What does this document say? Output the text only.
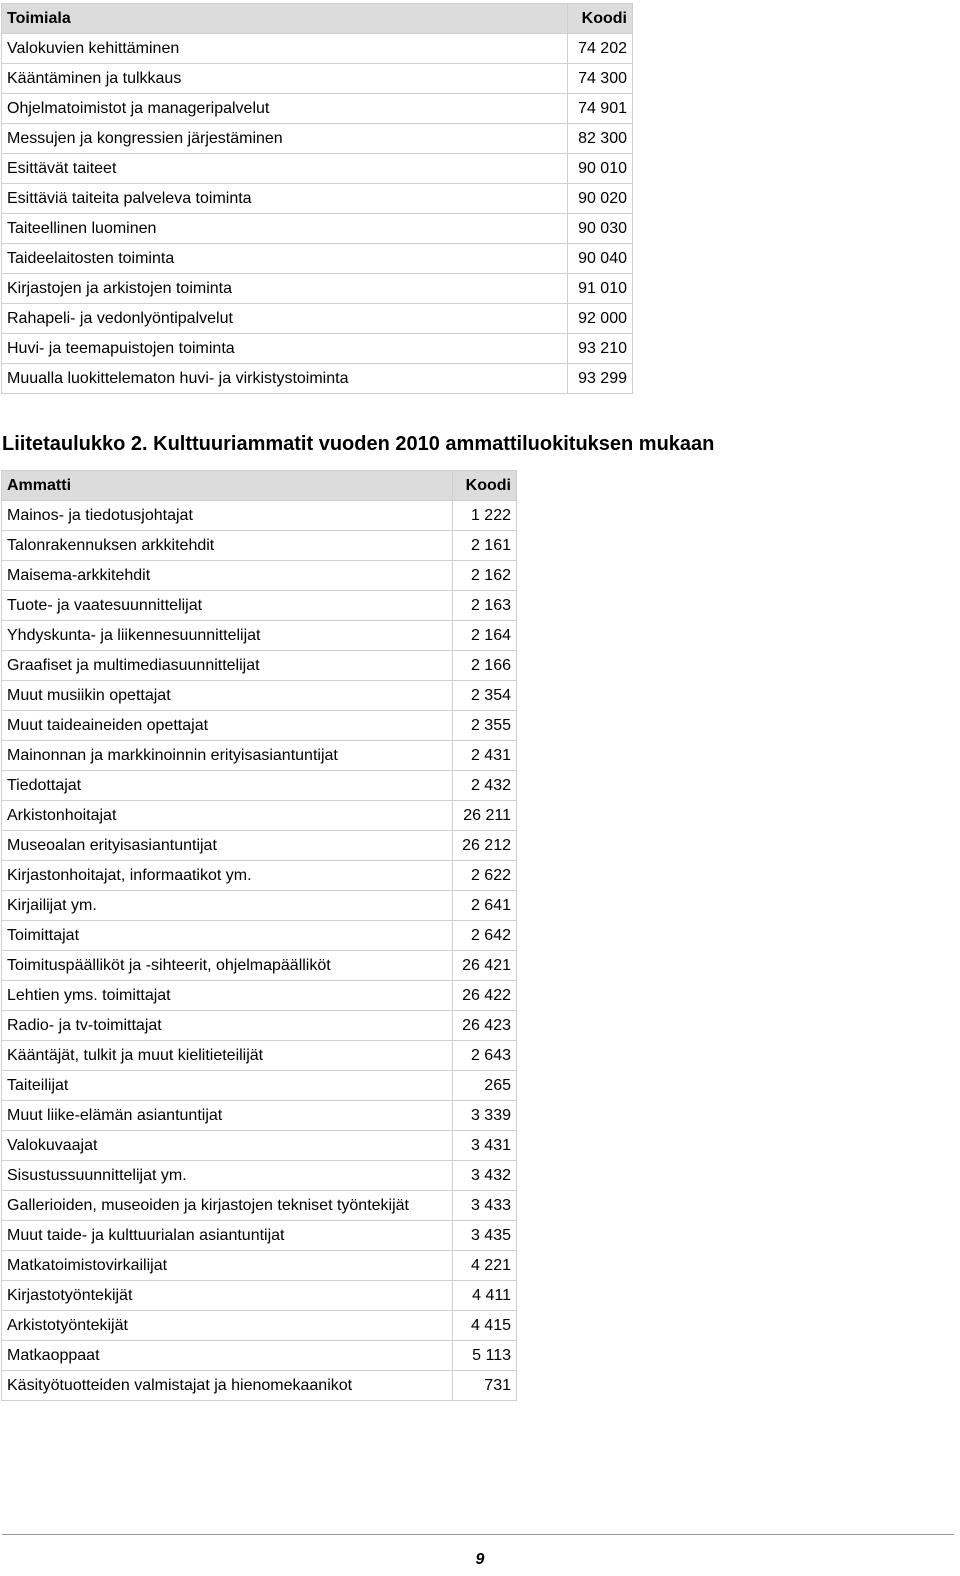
Toimiala	Koodi
Valokuvien kehittäminen	74 202
Kääntäminen ja tulkkaus	74 300
Ohjelmatoimistot ja manageripalvelut	74 901
Messujen ja kongressien järjestäminen	82 300
Esittävät taiteet	90 010
Esittäviä taiteita palveleva toiminta	90 020
Taiteellinen luominen	90 030
Taideelaitosten toiminta	90 040
Kirjastojen ja arkistojen toiminta	91 010
Rahapeli- ja vedonlyöntipalvelut	92 000
Huvi- ja teemapuistojen toiminta	93 210
Muualla luokittelematon huvi- ja virkistystoiminta	93 299
Liitetaulukko 2. Kulttuuriammatit vuoden 2010 ammattiluokituksen mukaan
Ammatti	Koodi
Mainos- ja tiedotusjohtajat	1 222
Talonrakennuksen arkkitehdit	2 161
Maisema-arkkitehdit	2 162
Tuote- ja vaatesuunnittelijat	2 163
Yhdyskunta- ja liikennesuunnittelijat	2 164
Graafiset ja multimediasuunnittelijat	2 166
Muut musiikin opettajat	2 354
Muut taideaineiden opettajat	2 355
Mainonnan ja markkinoinnin erityisasiantuntijat	2 431
Tiedottajat	2 432
Arkistonhoitajat	26 211
Museoalan erityisasiantuntijat	26 212
Kirjastonhoitajat, informaatikot ym.	2 622
Kirjailijat ym.	2 641
Toimittajat	2 642
Toimituspäälliköt ja -sihteerit, ohjelmapäälliköt	26 421
Lehtien yms. toimittajat	26 422
Radio- ja tv-toimittajat	26 423
Kääntäjät, tulkit ja muut kielitieteilijät	2 643
Taiteilijat	265
Muut liike-elämän asiantuntijat	3 339
Valokuvaajat	3 431
Sisustussuunnittelijat ym.	3 432
Gallerioiden, museoiden ja kirjastojen tekniset työntekijät	3 433
Muut taide- ja kulttuurialan asiantuntijat	3 435
Matkatoimistovirkailijat	4 221
Kirjastotyöntekijät	4 411
Arkistotyöntekijät	4 415
Matkaoppaat	5 113
Käsityötuotteiden valmistajat ja hienomekaanikot	731
9
